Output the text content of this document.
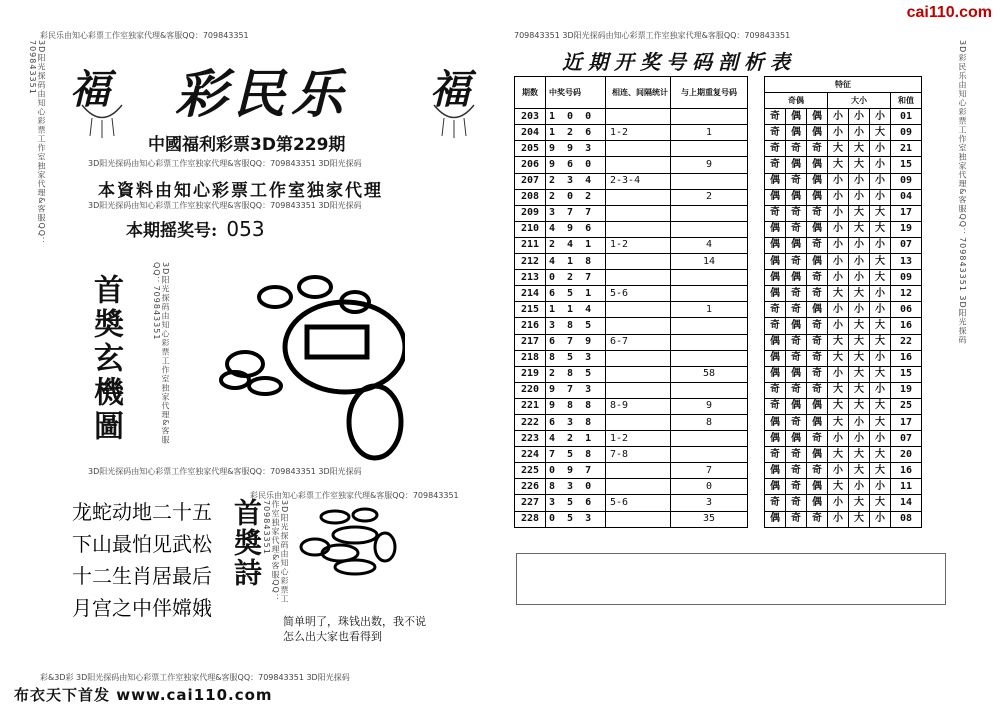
cai110.com
3D阳光探码由知心彩票工作室独家代理&客服QQ：709843351
彩民乐由知心彩票工作室独家代理&客服QQ：709843351
福 彩民乐 福
中國福利彩票3D第229期
3D阳光探码由知心彩票工作室独家代理&客服QQ：709843351 3D阳光探码
本資料由知心彩票工作室独家代理
3D阳光探码由知心彩票工作室独家代理&客服QQ：709843351 3D阳光探码
本期摇奖号: 053
首奬玄機圖	3D阳光探码由知心彩票工作室独家代理&客服QQ：709843351
3D阳光探码由知心彩票工作室独家代理&客服QQ：709843351 3D阳光探码
彩民乐由知心彩票工作室独家代理&客服QQ：709843351
龙蛇动地二十五
下山最怕见武松
十二生肖居最后
月宫之中伴嫦娥
首奬詩	3D阳光探码由知心彩票工作室独家代理&客服QQ：709843351
简单明了，珠钱出数，我不说
怎么出大家也看得到
彩&3D彩 3D阳光探码由知心彩票工作室独家代理&客服QQ：709843351 3D阳光探码
布衣天下首发 www.cai110.com
709843351 3D阳光探码由知心彩票工作室独家代理&客服QQ：709843351
近期开奖号码剖析表
期数	中奖号码	相连、间隔统计	与上期重复号码		特征						
					奇偶			大小			和值

203	1 0 0				奇	偶	偶	小	小	小	01
204	1 2 6	1-2	1		奇	偶	偶	小	小	大	09
205	9 9 3				奇	奇	奇	大	大	小	21
206	9 6 0		9		奇	偶	偶	大	大	小	15
207	2 3 4	2-3-4			偶	奇	偶	小	小	小	09
208	2 0 2		2		偶	偶	偶	小	小	小	04
209	3 7 7				奇	奇	奇	小	大	大	17
210	4 9 6				偶	奇	偶	小	大	大	19
211	2 4 1	1-2	4		偶	偶	奇	小	小	小	07
212	4 1 8		14		偶	奇	偶	小	小	大	13
213	0 2 7				偶	偶	奇	小	小	大	09
214	6 5 1	5-6			偶	奇	奇	大	大	小	12
215	1 1 4		1		奇	奇	偶	小	小	小	06
216	3 8 5				奇	偶	奇	小	大	大	16
217	6 7 9	6-7			偶	奇	奇	大	大	大	22
218	8 5 3				偶	奇	奇	大	大	小	16
219	2 8 5		58		偶	偶	奇	小	大	大	15
220	9 7 3				奇	奇	奇	大	大	小	19
221	9 8 8	8-9	9		奇	偶	偶	大	大	大	25
222	6 3 8		8		偶	奇	偶	大	小	大	17
223	4 2 1	1-2			偶	偶	奇	小	小	小	07
224	7 5 8	7-8			奇	奇	偶	大	大	大	20
225	0 9 7		7		偶	奇	奇	小	大	大	16
226	8 3 0		0		偶	奇	偶	大	小	小	11
227	3 5 6	5-6	3		奇	奇	偶	小	大	大	14
228	0 5 3		35		偶	奇	奇	小	大	小	08
3D彩民乐由知心彩票工作室独家代理&客服QQ：709843351 3D阳光探码
